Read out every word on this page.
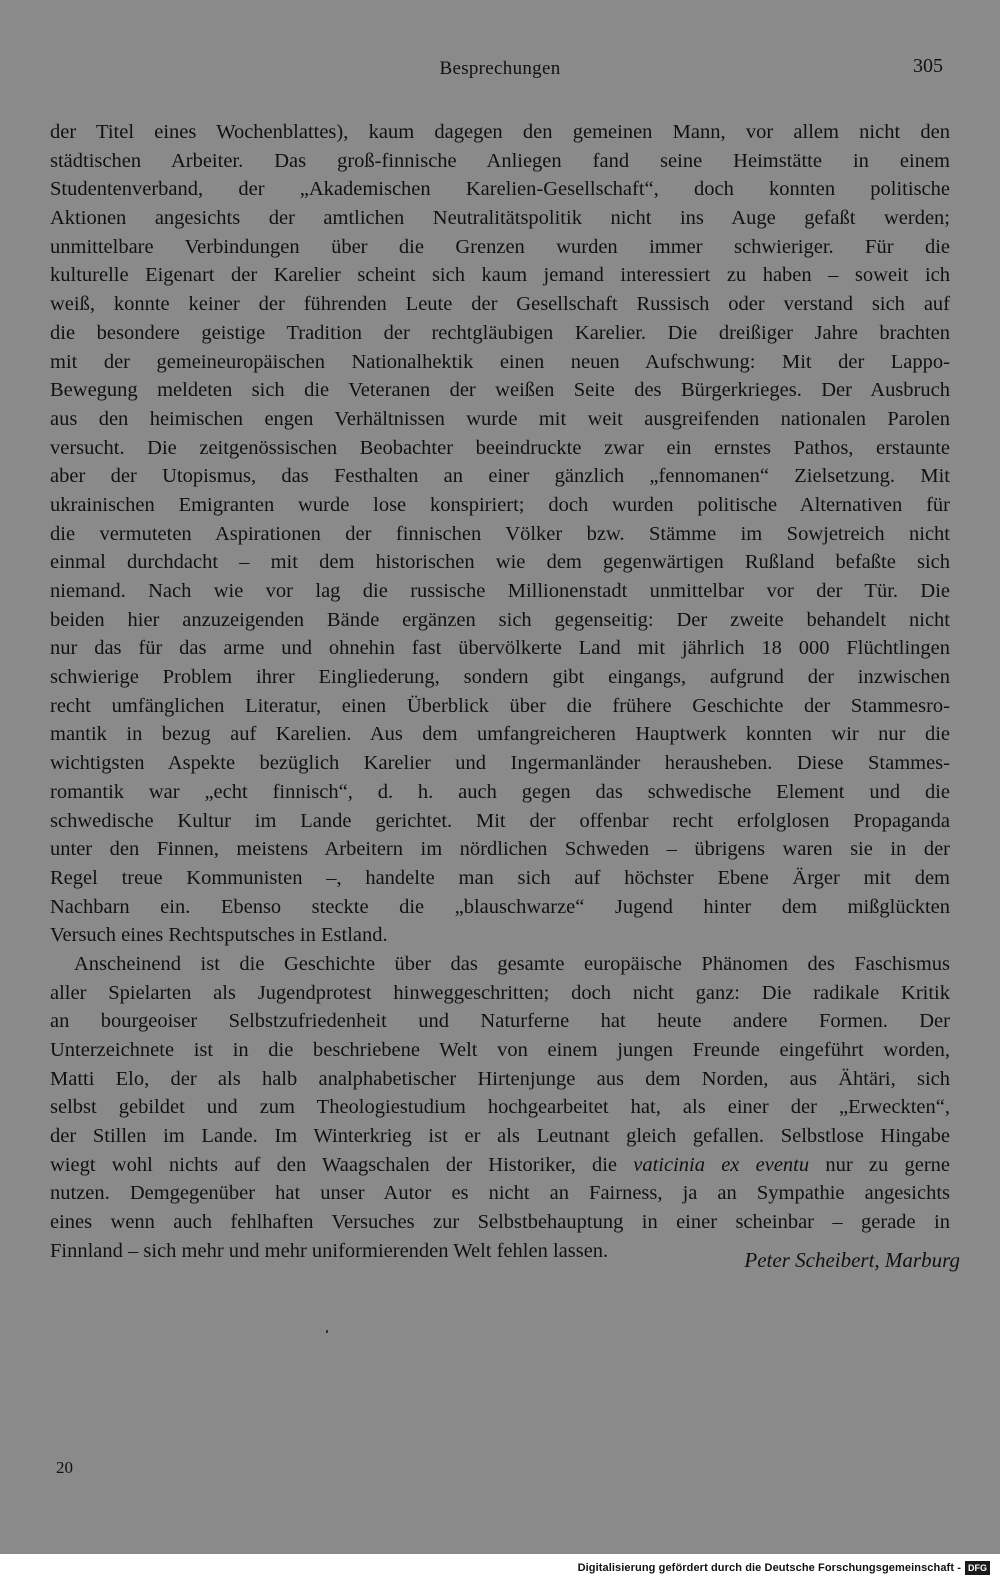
Besprechungen	305
der Titel eines Wochenblattes), kaum dagegen den gemeinen Mann, vor allem nicht den
städtischen Arbeiter. Das groß-finnische Anliegen fand seine Heimstätte in einem
Studentenverband, der „Akademischen Karelien-Gesellschaft“, doch konnten politische
Aktionen angesichts der amtlichen Neutralitätspolitik nicht ins Auge gefaßt werden;
unmittelbare Verbindungen über die Grenzen wurden immer schwieriger. Für die
kulturelle Eigenart der Karelier scheint sich kaum jemand interessiert zu haben – soweit ich
weiß, konnte keiner der führenden Leute der Gesellschaft Russisch oder verstand sich auf
die besondere geistige Tradition der rechtgläubigen Karelier. Die dreißiger Jahre brachten
mit der gemeineuropäischen Nationalhektik einen neuen Aufschwung: Mit der Lappo-
Bewegung meldeten sich die Veteranen der weißen Seite des Bürgerkrieges. Der Ausbruch
aus den heimischen engen Verhältnissen wurde mit weit ausgreifenden nationalen Parolen
versucht. Die zeitgenössischen Beobachter beeindruckte zwar ein ernstes Pathos, erstaunte
aber der Utopismus, das Festhalten an einer gänzlich „fennomanen“ Zielsetzung. Mit
ukrainischen Emigranten wurde lose konspiriert; doch wurden politische Alternativen für
die vermuteten Aspirationen der finnischen Völker bzw. Stämme im Sowjetreich nicht
einmal durchdacht – mit dem historischen wie dem gegenwärtigen Rußland befaßte sich
niemand. Nach wie vor lag die russische Millionenstadt unmittelbar vor der Tür. Die
beiden hier anzuzeigenden Bände ergänzen sich gegenseitig: Der zweite behandelt nicht
nur das für das arme und ohnehin fast übervölkerte Land mit jährlich 18 000 Flüchtlingen
schwierige Problem ihrer Eingliederung, sondern gibt eingangs, aufgrund der inzwischen
recht umfänglichen Literatur, einen Überblick über die frühere Geschichte der Stammesro-
mantik in bezug auf Karelien. Aus dem umfangreicheren Hauptwerk konnten wir nur die
wichtigsten Aspekte bezüglich Karelier und Ingermanländer herausheben. Diese Stammes-
romantik war „echt finnisch“, d. h. auch gegen das schwedische Element und die
schwedische Kultur im Lande gerichtet. Mit der offenbar recht erfolglosen Propaganda
unter den Finnen, meistens Arbeitern im nördlichen Schweden – übrigens waren sie in der
Regel treue Kommunisten –, handelte man sich auf höchster Ebene Ärger mit dem
Nachbarn ein. Ebenso steckte die „blauschwarze“ Jugend hinter dem mißglückten
Versuch eines Rechtsputsches in Estland.
Anscheinend ist die Geschichte über das gesamte europäische Phänomen des Faschismus
aller Spielarten als Jugendprotest hinweggeschritten; doch nicht ganz: Die radikale Kritik
an bourgeoiser Selbstzufriedenheit und Naturferne hat heute andere Formen. Der
Unterzeichnete ist in die beschriebene Welt von einem jungen Freunde eingeführt worden,
Matti Elo, der als halb analphabetischer Hirtenjunge aus dem Norden, aus Ähtäri, sich
selbst gebildet und zum Theologiestudium hochgearbeitet hat, als einer der „Erweckten“,
der Stillen im Lande. Im Winterkrieg ist er als Leutnant gleich gefallen. Selbstlose Hingabe
wiegt wohl nichts auf den Waagschalen der Historiker, die vaticinia ex eventu nur zu gerne
nutzen. Demgegenüber hat unser Autor es nicht an Fairness, ja an Sympathie angesichts
eines wenn auch fehlhaften Versuches zur Selbstbehauptung in einer scheinbar – gerade in
Finnland – sich mehr und mehr uniformierenden Welt fehlen lassen.	Peter Scheibert, Marburg
20
Digitalisierung gefördert durch die Deutsche Forschungsgemeinschaft - DFG
